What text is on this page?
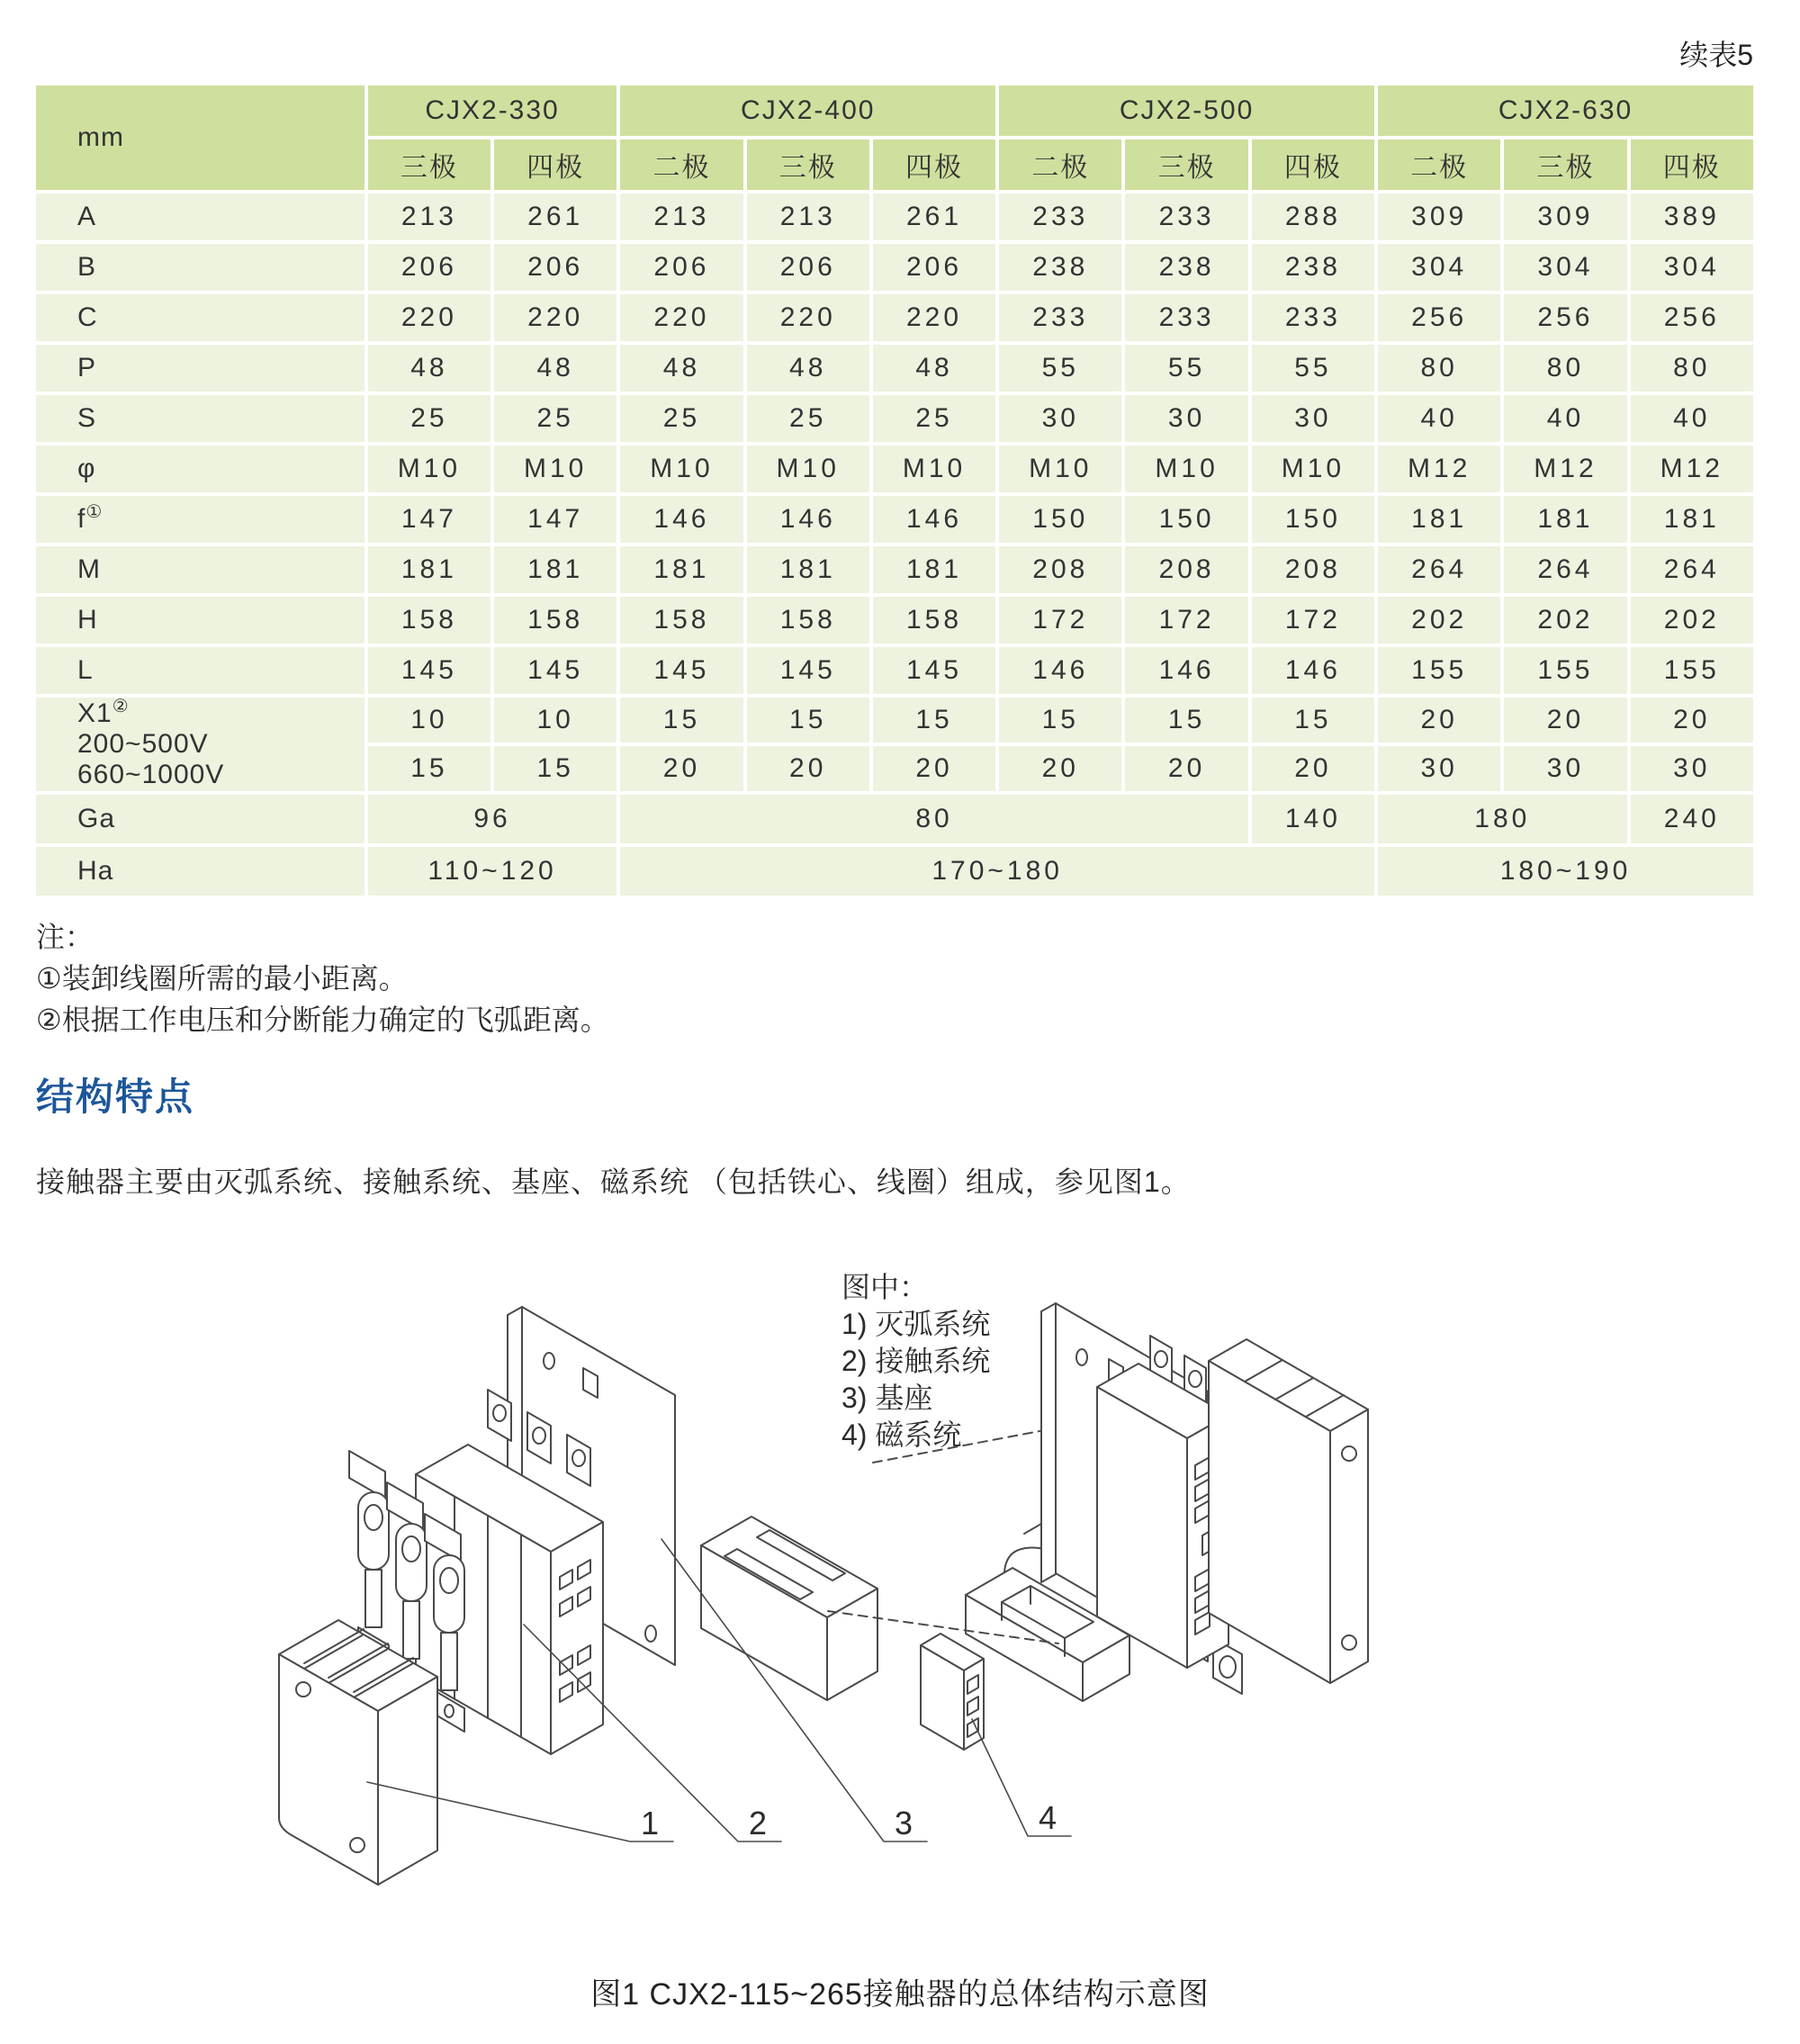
续表5
mm	CJX2-330		CJX2-400			CJX2-500			CJX2-630		
	三极	四极	二极	三极	四极	二极	三极	四极	二极	三极	四极
A	213	261	213	213	261	233	233	288	309	309	389
B	206	206	206	206	206	238	238	238	304	304	304
C	220	220	220	220	220	233	233	233	256	256	256
P	48	48	48	48	48	55	55	55	80	80	80
S	25	25	25	25	25	30	30	30	40	40	40
φ	M10	M10	M10	M10	M10	M10	M10	M10	M12	M12	M12
f①	147	147	146	146	146	150	150	150	181	181	181
M	181	181	181	181	181	208	208	208	264	264	264
H	158	158	158	158	158	172	172	172	202	202	202
L	145	145	145	145	145	146	146	146	155	155	155

X1②
200~500V
660~1000V	10	10	15	15	15	15	15	15	20	20	20
	15	15	20	20	20	20	20	20	30	30	30
Ga	96		80					140	180		240
Ha	110~120		170~180						180~190		
注：
①装卸线圈所需的最小距离。
②根据工作电压和分断能力确定的飞弧距离。
结构特点
接触器主要由灭弧系统、接触系统、基座、磁系统 （包括铁心、线圈）组成，参见图1。
图中：
1) 灭弧系统
2) 接触系统
3) 基座
4) 磁系统
1	2	3	4
图1 CJX2-115~265接触器的总体结构示意图
